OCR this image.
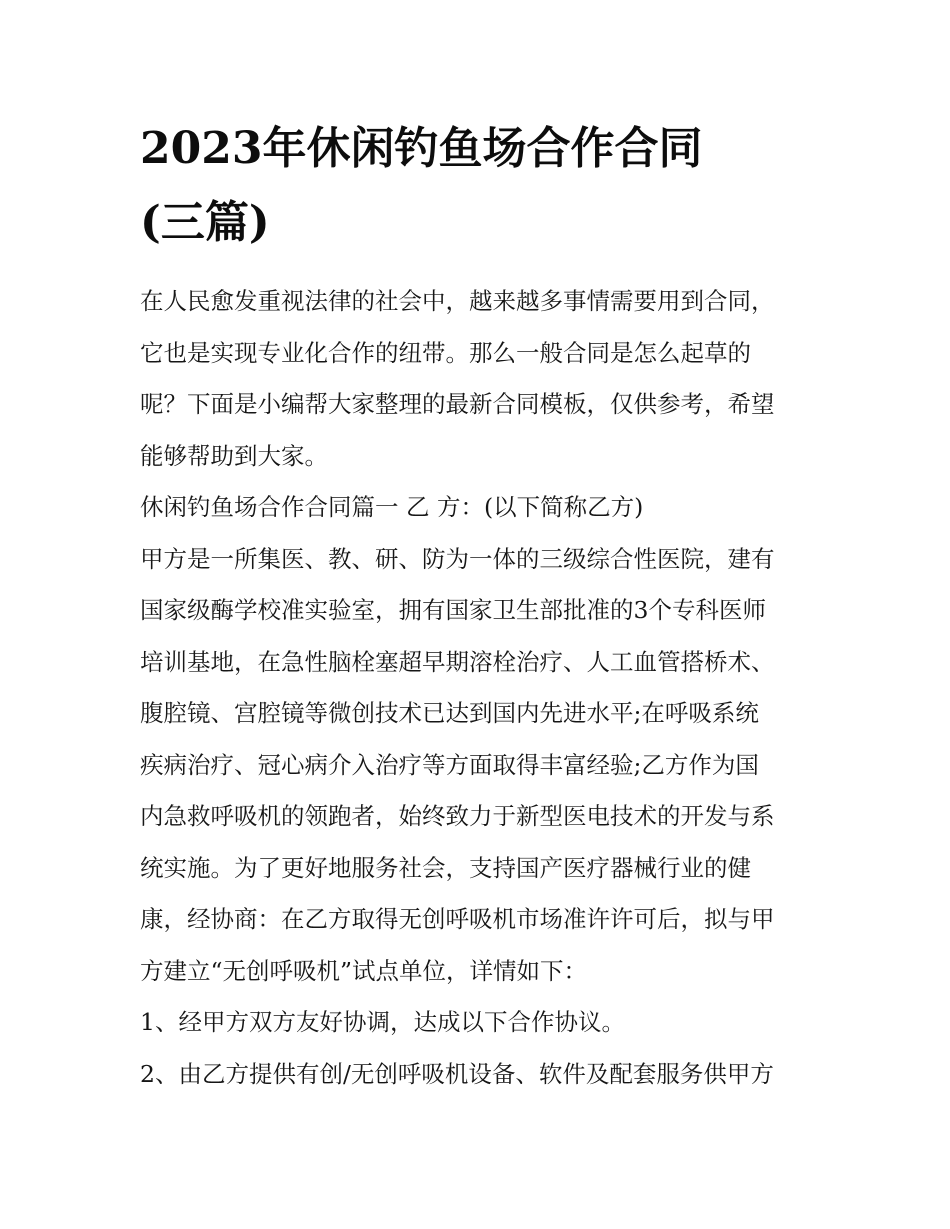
2023年休闲钓鱼场合作合同
(三篇)

在人民愈发重视法律的社会中，越来越多事情需要用到合同，
它也是实现专业化合作的纽带。那么一般合同是怎么起草的
呢？下面是小编帮大家整理的最新合同模板，仅供参考，希望
能够帮助到大家。

休闲钓鱼场合作合同篇一 乙 方：(以下简称乙方)

甲方是一所集医、教、研、防为一体的三级综合性医院，建有
国家级酶学校准实验室，拥有国家卫生部批准的3个专科医师
培训基地，在急性脑栓塞超早期溶栓治疗、人工血管搭桥术、
腹腔镜、宫腔镜等微创技术已达到国内先进水平;在呼吸系统
疾病治疗、冠心病介入治疗等方面取得丰富经验;乙方作为国
内急救呼吸机的领跑者，始终致力于新型医电技术的开发与系
统实施。为了更好地服务社会，支持国产医疗器械行业的健
康，经协商：在乙方取得无创呼吸机市场准许许可后，拟与甲
方建立“无创呼吸机”试点单位，详情如下：

1、经甲方双方友好协调，达成以下合作协议。

2、由乙方提供有创/无创呼吸机设备、软件及配套服务供甲方
